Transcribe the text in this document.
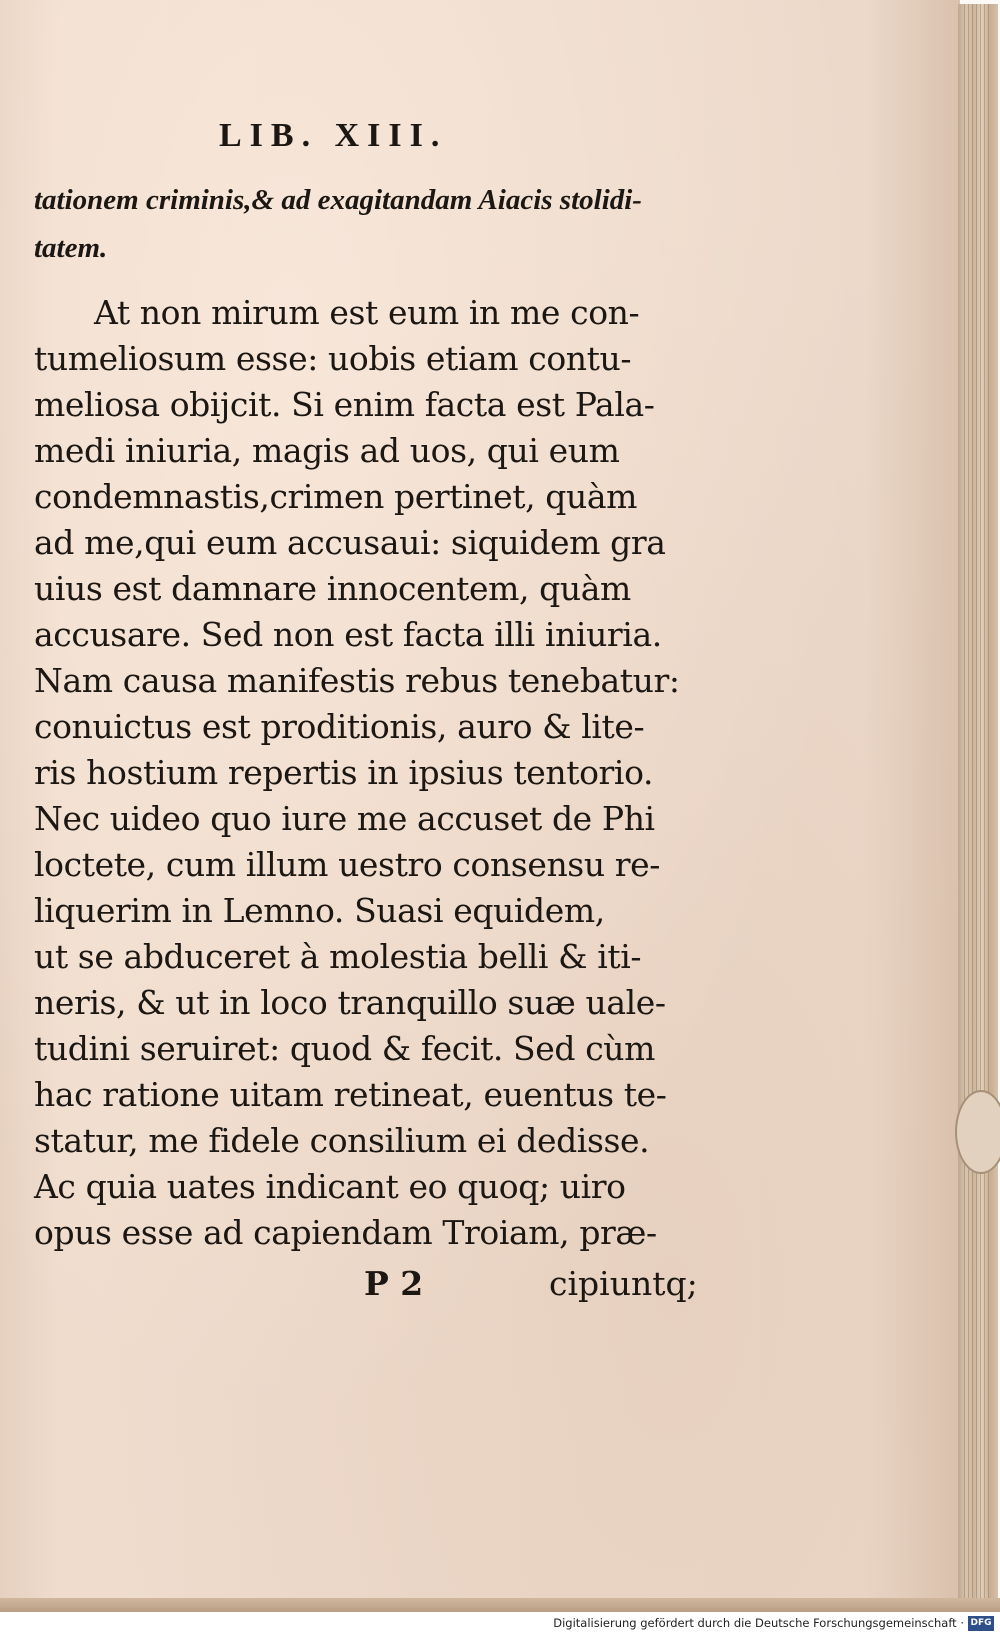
LIB. XIII.
tationem criminis,& ad exagitandam Aiacis stolidi-
tatem.
At non mirum est eum in me con-
tumeliosum esse: uobis etiam contu-
meliosa obijcit. Si enim facta est Pala-
medi iniuria, magis ad uos, qui eum
condemnastis,crimen pertinet, quàm
ad me,qui eum accusaui: siquidem gra
uius est damnare innocentem, quàm
accusare. Sed non est facta illi iniuria.
Nam causa manifestis rebus tenebatur:
conuictus est proditionis, auro & lite-
ris hostium repertis in ipsius tentorio.
Nec uideo quo iure me accuset de Phi
loctete, cum illum uestro consensu re-
liquerim in Lemno. Suasi equidem,
ut se abduceret à molestia belli & iti-
neris, & ut in loco tranquillo suæ uale-
tudini seruiret: quod & fecit. Sed cùm
hac ratione uitam retineat, euentus te-
statur, me fidele consilium ei dedisse.
Ac quia uates indicant eo quoq; uiro
opus esse ad capiendam Troiam, præ-
P 2	cipiuntq;
Digitalisierung gefördert durch die Deutsche Forschungsgemeinschaft · DFG
